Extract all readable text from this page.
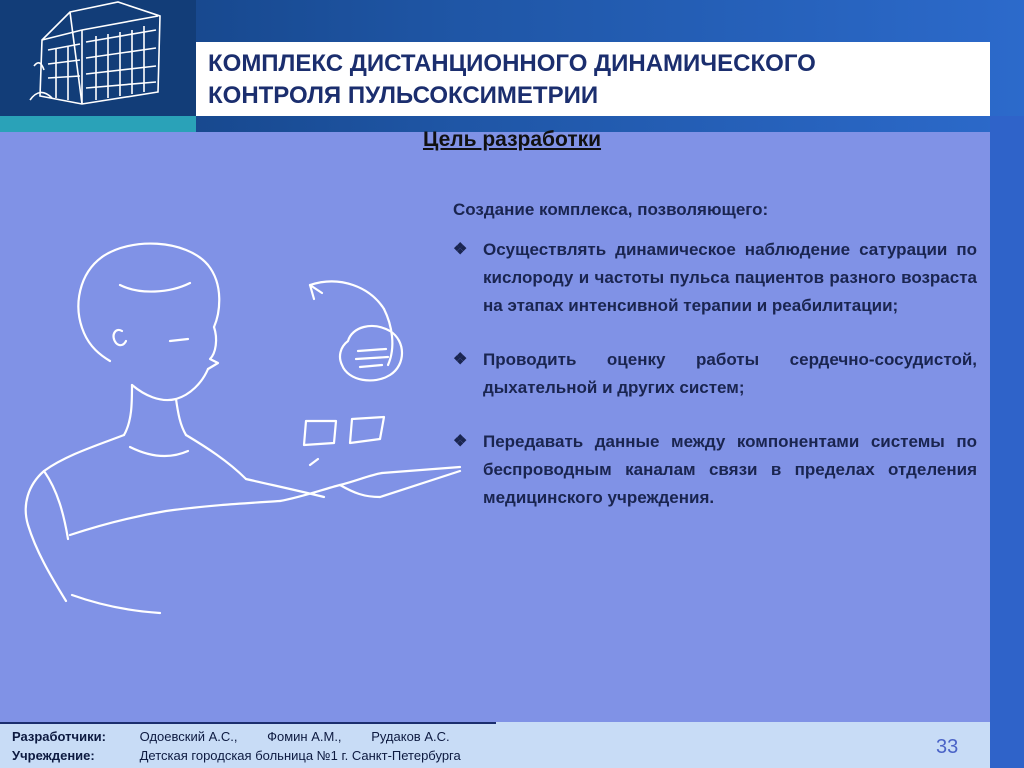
КОМПЛЕКС ДИСТАНЦИОННОГО ДИНАМИЧЕСКОГО
КОНТРОЛЯ ПУЛЬСОКСИМЕТРИИ
Цель разработки
Создание комплекса, позволяющего:
❖ Осуществлять динамическое наблюдение сатурации по кислороду и частоты пульса пациентов разного возраста на этапах интенсивной терапии и реабилитации;
❖ Проводить оценку работы сердечно-сосудистой, дыхательной и других систем;
❖ Передавать данные между компонентами системы по беспроводным каналам связи в пределах отделения медицинского учреждения.
Разработчики:	Одоевский А.С., Фомин А.М., Рудаков А.С.
Учреждение:	Детская городская больница №1 г. Санкт-Петербурга	33
